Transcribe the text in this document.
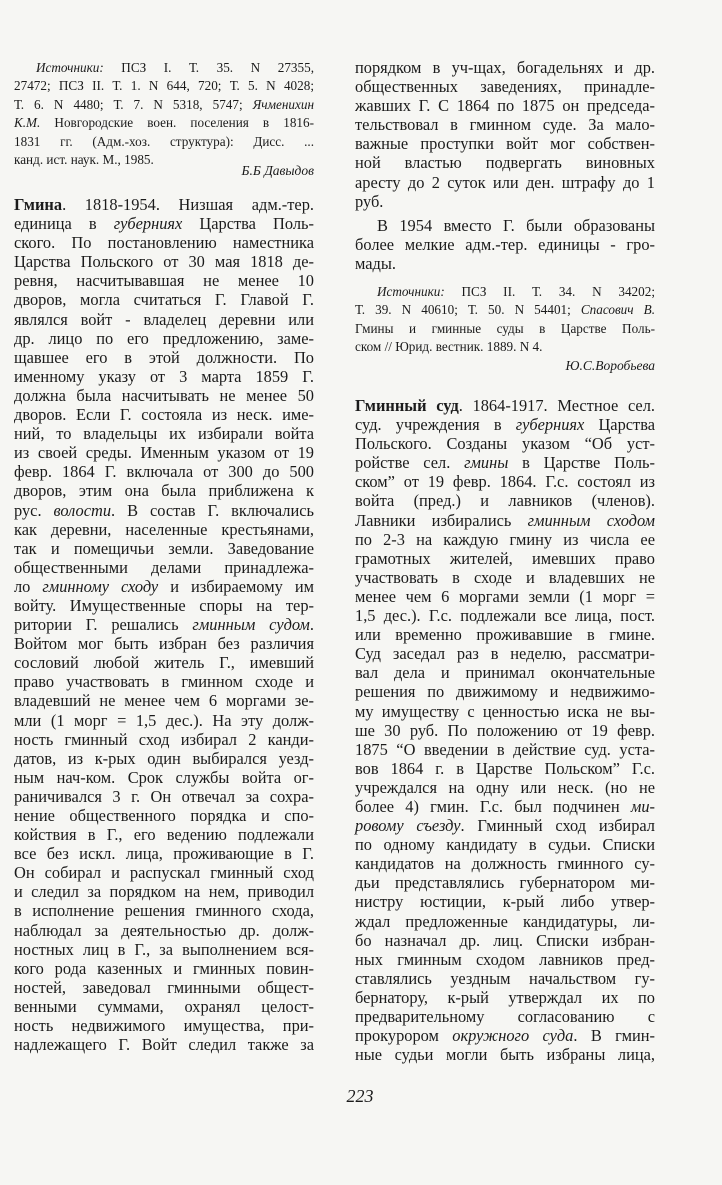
Источники: ПСЗ I. Т. 35. N 27355,
27472; ПСЗ II. Т. 1. N 644, 720; Т. 5. N 4028;
Т. 6. N 4480; Т. 7. N 5318, 5747; Ячменихин
К.М. Новгородские воен. поселения в 1816-
1831 гг. (Адм.-хоз. структура): Дисс. ...
канд. ист. наук. М., 1985.
Б.Б Давыдов
Гмина. 1818-1954. Низшая адм.-тер.
единица в губерниях Царства Поль-
ского. По постановлению наместника
Царства Польского от 30 мая 1818 де-
ревня, насчитывавшая не менее 10
дворов, могла считаться Г. Главой Г.
являлся войт - владелец деревни или
др. лицо по его предложению, заме-
щавшее его в этой должности. По
именному указу от 3 марта 1859 Г.
должна была насчитывать не менее 50
дворов. Если Г. состояла из неск. име-
ний, то владельцы их избирали войта
из своей среды. Именным указом от 19
февр. 1864 Г. включала от 300 до 500
дворов, этим она была приближена к
рус. волости. В состав Г. включались
как деревни, населенные крестьянами,
так и помещичьи земли. Заведование
общественными делами принадлежа-
ло гминному сходу и избираемому им
войту. Имущественные споры на тер-
ритории Г. решались гминным судом.
Войтом мог быть избран без различия
сословий любой житель Г., имевший
право участвовать в гминном сходе и
владевший не менее чем 6 моргами зе-
мли (1 морг = 1,5 дес.). На эту долж-
ность гминный сход избирал 2 канди-
датов, из к-рых один выбирался уезд-
ным нач-ком. Срок службы войта ог-
раничивался 3 г. Он отвечал за сохра-
нение общественного порядка и спо-
койствия в Г., его ведению подлежали
все без искл. лица, проживающие в Г.
Он собирал и распускал гминный сход
и следил за порядком на нем, приводил
в исполнение решения гминного схода,
наблюдал за деятельностью др. долж-
ностных лиц в Г., за выполнением вся-
кого рода казенных и гминных повин-
ностей, заведовал гминными общест-
венными суммами, охранял целост-
ность недвижимого имущества, при-
надлежащего Г. Войт следил также за
порядком в уч-щах, богадельнях и др.
общественных заведениях, принадле-
жавших Г. С 1864 по 1875 он председа-
тельствовал в гминном суде. За мало-
важные проступки войт мог собствен-
ной властью подвергать виновных
аресту до 2 суток или ден. штрафу до 1
руб.
В 1954 вместо Г. были образованы
более мелкие адм.-тер. единицы - гро-
мады.
Источники: ПСЗ II. Т. 34. N 34202;
Т. 39. N 40610; Т. 50. N 54401; Спасович В.
Гмины и гминные суды в Царстве Поль-
ском // Юрид. вестник. 1889. N 4.
Ю.С.Воробьева
Гминный суд. 1864-1917. Местное сел.
суд. учреждения в губерниях Царства
Польского. Созданы указом “Об уст-
ройстве сел. гмины в Царстве Поль-
ском” от 19 февр. 1864. Г.с. состоял из
войта (пред.) и лавников (членов).
Лавники избирались гминным сходом
по 2-3 на каждую гмину из числа ее
грамотных жителей, имевших право
участвовать в сходе и владевших не
менее чем 6 моргами земли (1 морг =
1,5 дес.). Г.с. подлежали все лица, пост.
или временно проживавшие в гмине.
Суд заседал раз в неделю, рассматри-
вал дела и принимал окончательные
решения по движимому и недвижимо-
му имуществу с ценностью иска не вы-
ше 30 руб. По положению от 19 февр.
1875 “О введении в действие суд. уста-
вов 1864 г. в Царстве Польском” Г.с.
учреждался на одну или неск. (но не
более 4) гмин. Г.с. был подчинен ми-
ровому съезду. Гминный сход избирал
по одному кандидату в судьи. Списки
кандидатов на должность гминного су-
дьи представлялись губернатором ми-
нистру юстиции, к-рый либо утвер-
ждал предложенные кандидатуры, ли-
бо назначал др. лиц. Списки избран-
ных гминным сходом лавников пред-
ставлялись уездным начальством гу-
бернатору, к-рый утверждал их по
предварительному согласованию с
прокурором окружного суда. В гмин-
ные судьи могли быть избраны лица,
223
